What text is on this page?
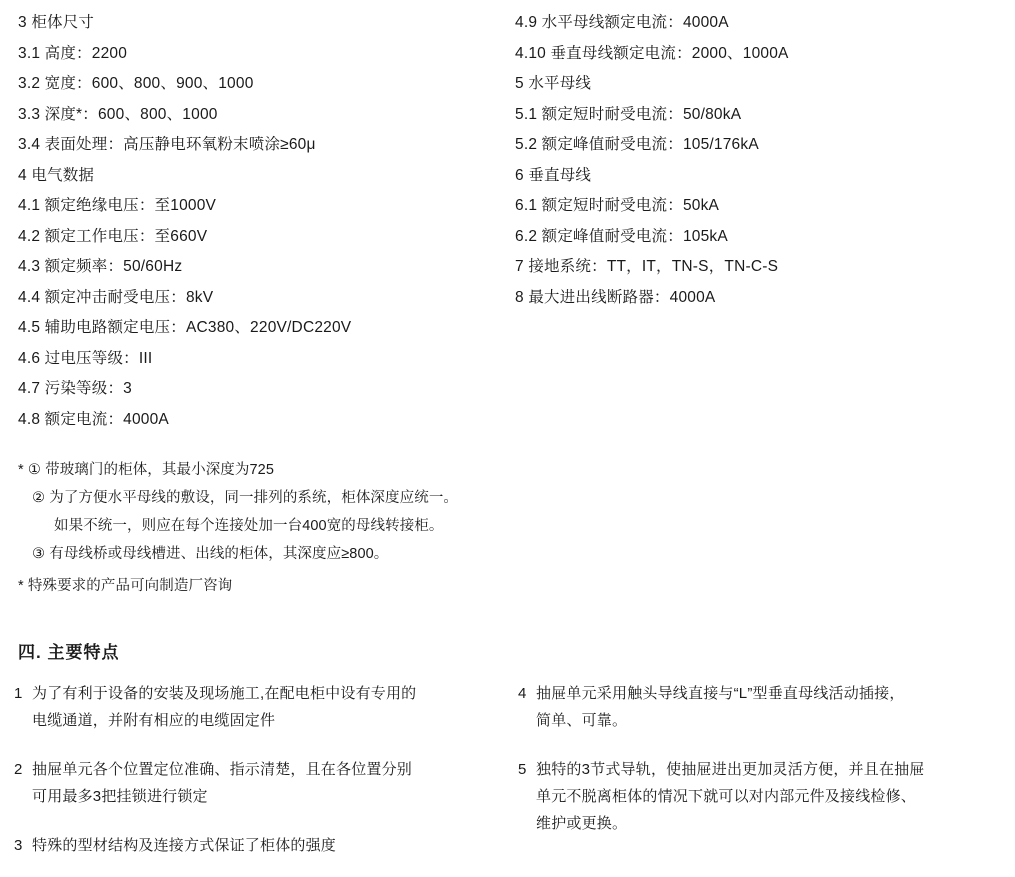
3 柜体尺寸
3.1 高度：2200
3.2 宽度：600、800、900、1000
3.3 深度*：600、800、1000
3.4 表面处理：高压静电环氧粉末喷涂≥60μ
4 电气数据
4.1 额定绝缘电压：至1000V
4.2 额定工作电压：至660V
4.3 额定频率：50/60Hz
4.4 额定冲击耐受电压：8kV
4.5 辅助电路额定电压：AC380、220V/DC220V
4.6 过电压等级：III
4.7 污染等级：3
4.8 额定电流：4000A
4.9 水平母线额定电流：4000A
4.10 垂直母线额定电流：2000、1000A
5 水平母线
5.1 额定短时耐受电流：50/80kA
5.2 额定峰值耐受电流：105/176kA
6 垂直母线
6.1 额定短时耐受电流：50kA
6.2 额定峰值耐受电流：105kA
7 接地系统：TT，IT，TN-S，TN-C-S
8 最大进出线断路器：4000A
* ① 带玻璃门的柜体，其最小深度为725
② 为了方便水平母线的敷设，同一排列的系统，柜体深度应统一。
如果不统一，则应在每个连接处加一台400宽的母线转接柜。
③ 有母线桥或母线槽进、出线的柜体，其深度应≥800。
* 特殊要求的产品可向制造厂咨询
四. 主要特点
1 为了有利于设备的安装及现场施工,在配电柜中设有专用的
电缆通道，并附有相应的电缆固定件
2 抽屉单元各个位置定位准确、指示清楚，且在各位置分别
可用最多3把挂锁进行锁定
3 特殊的型材结构及连接方式保证了柜体的强度
4 抽屉单元采用触头导线直接与“L”型垂直母线活动插接，
简单、可靠。
5 独特的3节式导轨，使抽屉进出更加灵活方便，并且在抽屉
单元不脱离柜体的情况下就可以对内部元件及接线检修、
维护或更换。
